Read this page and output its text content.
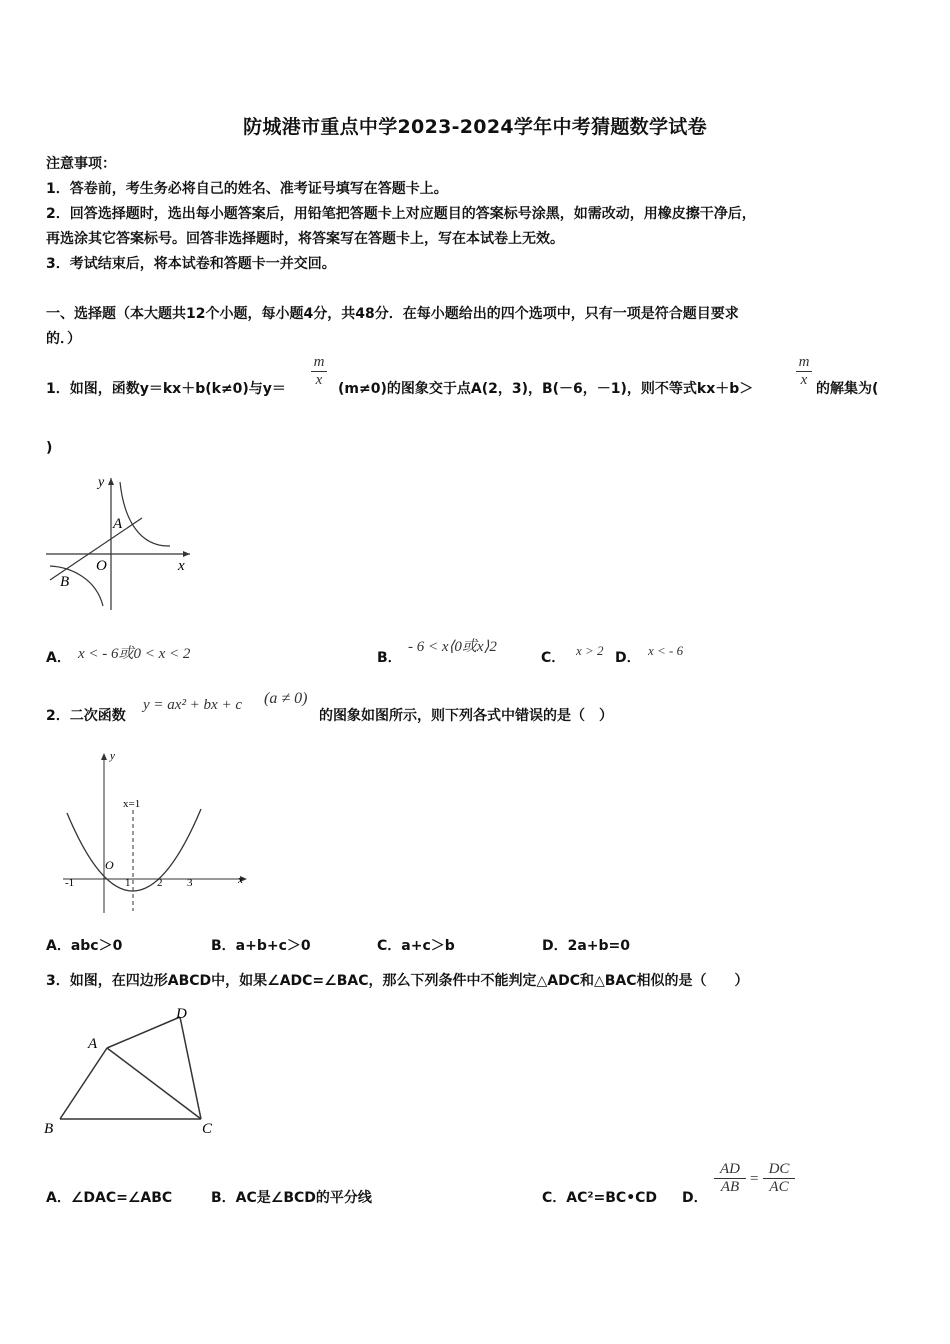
防城港市重点中学2023-2024学年中考猜题数学试卷
注意事项：
1．答卷前，考生务必将自己的姓名、准考证号填写在答题卡上。
2．回答选择题时，选出每小题答案后，用铅笔把答题卡上对应题目的答案标号涂黑，如需改动，用橡皮擦干净后，
再选涂其它答案标号。回答非选择题时，将答案写在答题卡上，写在本试卷上无效。
3．考试结束后，将本试卷和答题卡一并交回。
一、选择题（本大题共12个小题，每小题4分，共48分．在每小题给出的四个选项中，只有一项是符合题目要求
的．）
1．如图，函数y＝kx＋b(k≠0)与$y= \frac{m}{x} (m\ne 0)$的图象交于点A(2，3)，B(－6，－1)，则不等式kx＋b＞	$\frac{m}{x}$ 的解集为(
)
y
x
O
A
B
A． x < - 6或0 < x < 2	B．
- 6 < x⟨0或x⟩2
C． x > 2 D． x < - 6
2．二次函数
y = ax² + bx + c (a ≠ 0)
的图象如图所示，则下列各式中错误的是（　）
y
x
O
x=1
-1	1 2 3
A．abc＞0	B．a+b+c＞0	C．a+c＞b	D．2a+b=0
3．如图，在四边形ABCD中，如果∠ADC=∠BAC，那么下列条件中不能判定△ADC和△BAC相似的是（　　）
A
B	C
D
A．∠DAC=∠ABC	B．AC是∠BCD的平分线	C．AC²=BC•CD D．
$\frac{AD}{AB} = \frac{DC}{AC}$
